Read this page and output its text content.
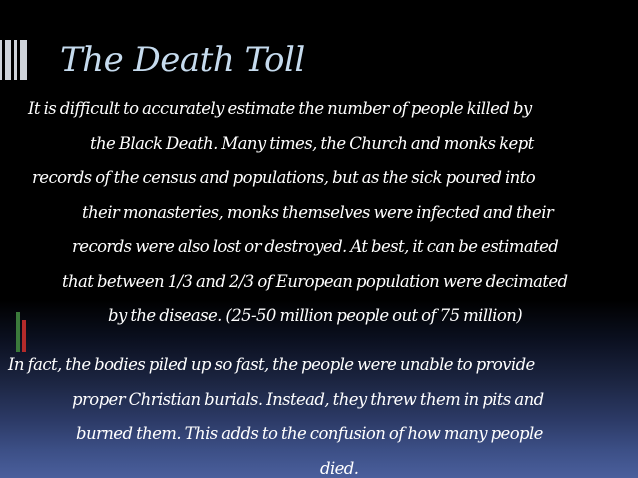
The Death Toll

It is difficult to accurately estimate the number of people killed by
the Black Death. Many times, the Church and monks kept
records of the census and populations, but as the sick poured into
their monasteries, monks themselves were infected and their
records were also lost or destroyed. At best, it can be estimated
that between 1/3 and 2/3 of European population were decimated
by the disease. (25-50 million people out of 75 million)

In fact, the bodies piled up so fast, the people were unable to provide
proper Christian burials. Instead, they threw them in pits and
burned them. This adds to the confusion of how many people
died.
